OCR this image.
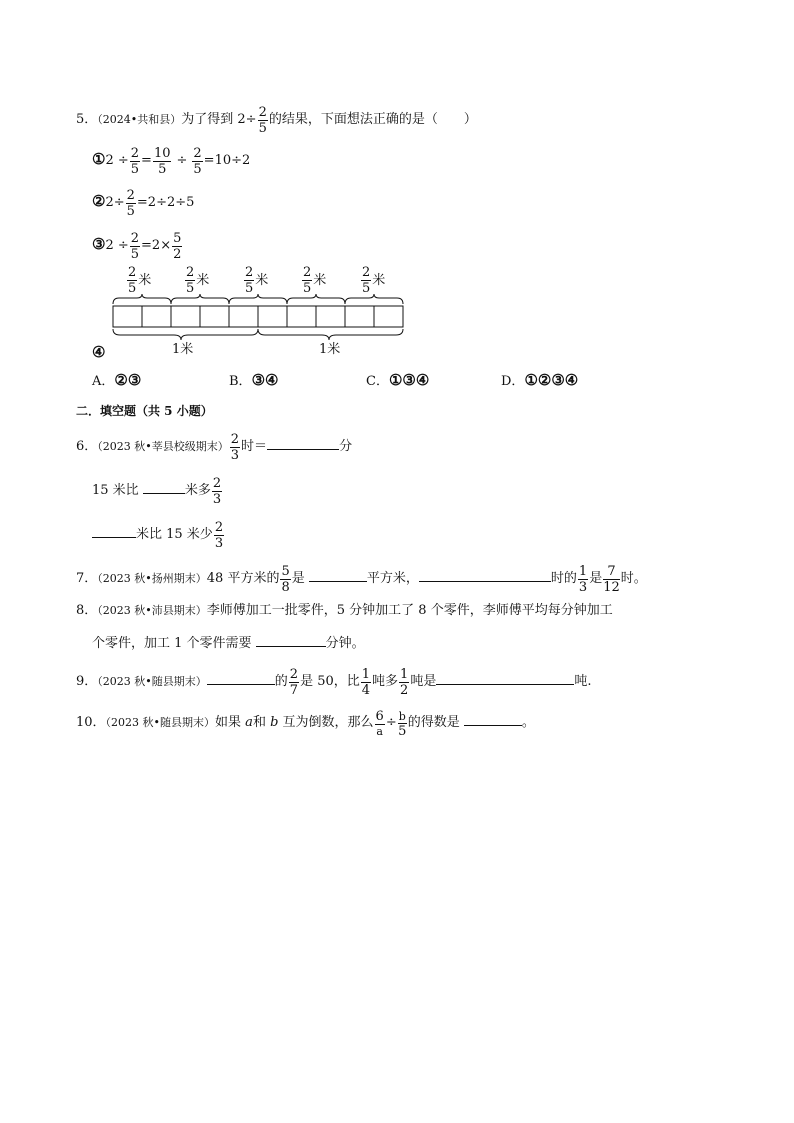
5．（2024•共和县）为了得到 $2\div \frac{2}{5}$ 的结果，下面想法正确的是（　　）
①2 ÷ $\frac{2}{5} = \frac{10}{5} \div \frac{2}{5} =10\div 2$
②2÷ $\frac{2}{5} =2\div 2\div 5$
③2 ÷ $\frac{2}{5} =2\times \frac{5}{2}$
$\frac{2}{5}$ 米	$\frac{2}{5}$ 米	$\frac{2}{5}$ 米	$\frac{2}{5}$ 米	$\frac{2}{5}$ 米
1米	1米
④
A．②③	B．③④	C．①③④	D．①②③④
二．填空题（共 5 小题）
6．（2023 秋•莘县校级期末） $\frac{2}{3}$ 时＝	分
15 米比	米多 $\frac{2}{3}$
米比 15 米少 $\frac{2}{3}$
7．（2023 秋•扬州期末）48 平方米的 $\frac{5}{8}$ 是	平方米，	时的 $\frac{1}{3}$ 是 $\frac{7}{12}$ 时。
8．（2023 秋•沛县期末）李师傅加工一批零件，5 分钟加工了 8 个零件，李师傅平均每分钟加工
个零件，加工 1 个零件需要	分钟。
9．（2023 秋•随县期末）	的 $\frac{2}{7}$ 是 50，比 $\frac{1}{4}$ 吨多 $\frac{1}{2}$ 吨是	吨.
10．（2023 秋•随县期末）如果 a和 b 互为倒数，那么 $\frac{6}{a} \div \frac{b}{5}$ 的得数是	。
